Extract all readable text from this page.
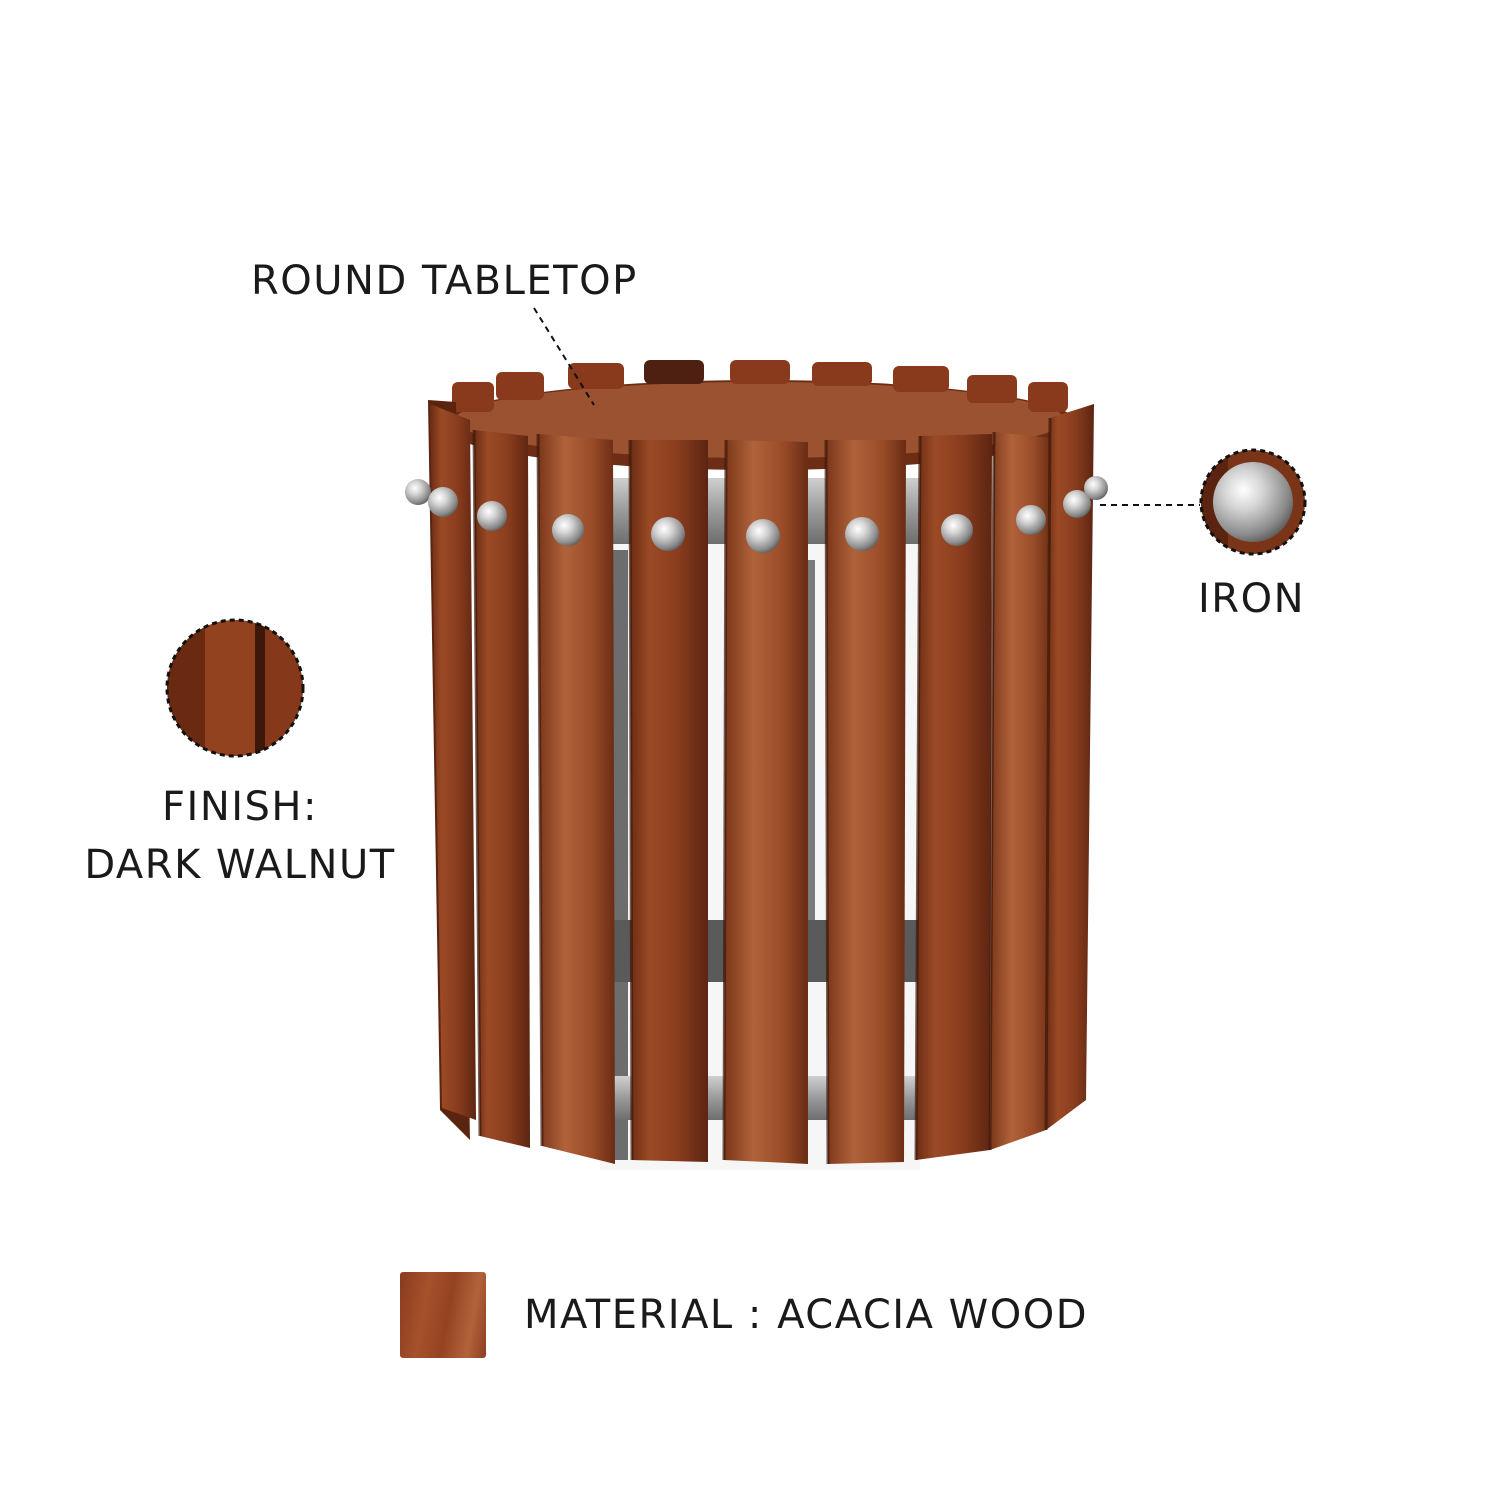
ROUND TABLETOP
IRON
FINISH:
DARK WALNUT
MATERIAL : ACACIA WOOD
